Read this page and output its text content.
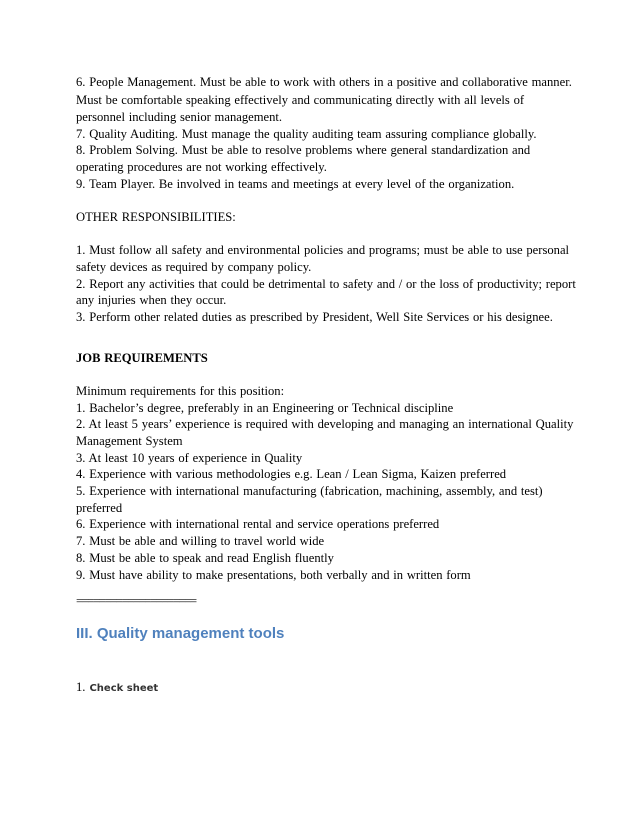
6. People Management. Must be able to work with others in a positive and collaborative manner.
Must be comfortable speaking effectively and communicating directly with all levels of
personnel including senior management.
7. Quality Auditing. Must manage the quality auditing team assuring compliance globally.
8. Problem Solving. Must be able to resolve problems where general standardization and
operating procedures are not working effectively.
9. Team Player. Be involved in teams and meetings at every level of the organization.
OTHER RESPONSIBILITIES:
1. Must follow all safety and environmental policies and programs; must be able to use personal
safety devices as required by company policy.
2. Report any activities that could be detrimental to safety and / or the loss of productivity; report
any injuries when they occur.
3. Perform other related duties as prescribed by President, Well Site Services or his designee.
JOB REQUIREMENTS
Minimum requirements for this position:
1. Bachelor’s degree, preferably in an Engineering or Technical discipline
2. At least 5 years’ experience is required with developing and managing an international Quality
Management System
3. At least 10 years of experience in Quality
4. Experience with various methodologies e.g. Lean / Lean Sigma, Kaizen preferred
5. Experience with international manufacturing (fabrication, machining, assembly, and test)
preferred
6. Experience with international rental and service operations preferred
7. Must be able and willing to travel world wide
8. Must be able to speak and read English fluently
9. Must have ability to make presentations, both verbally and in written form
=====================
III. Quality management tools
1. Check sheet
